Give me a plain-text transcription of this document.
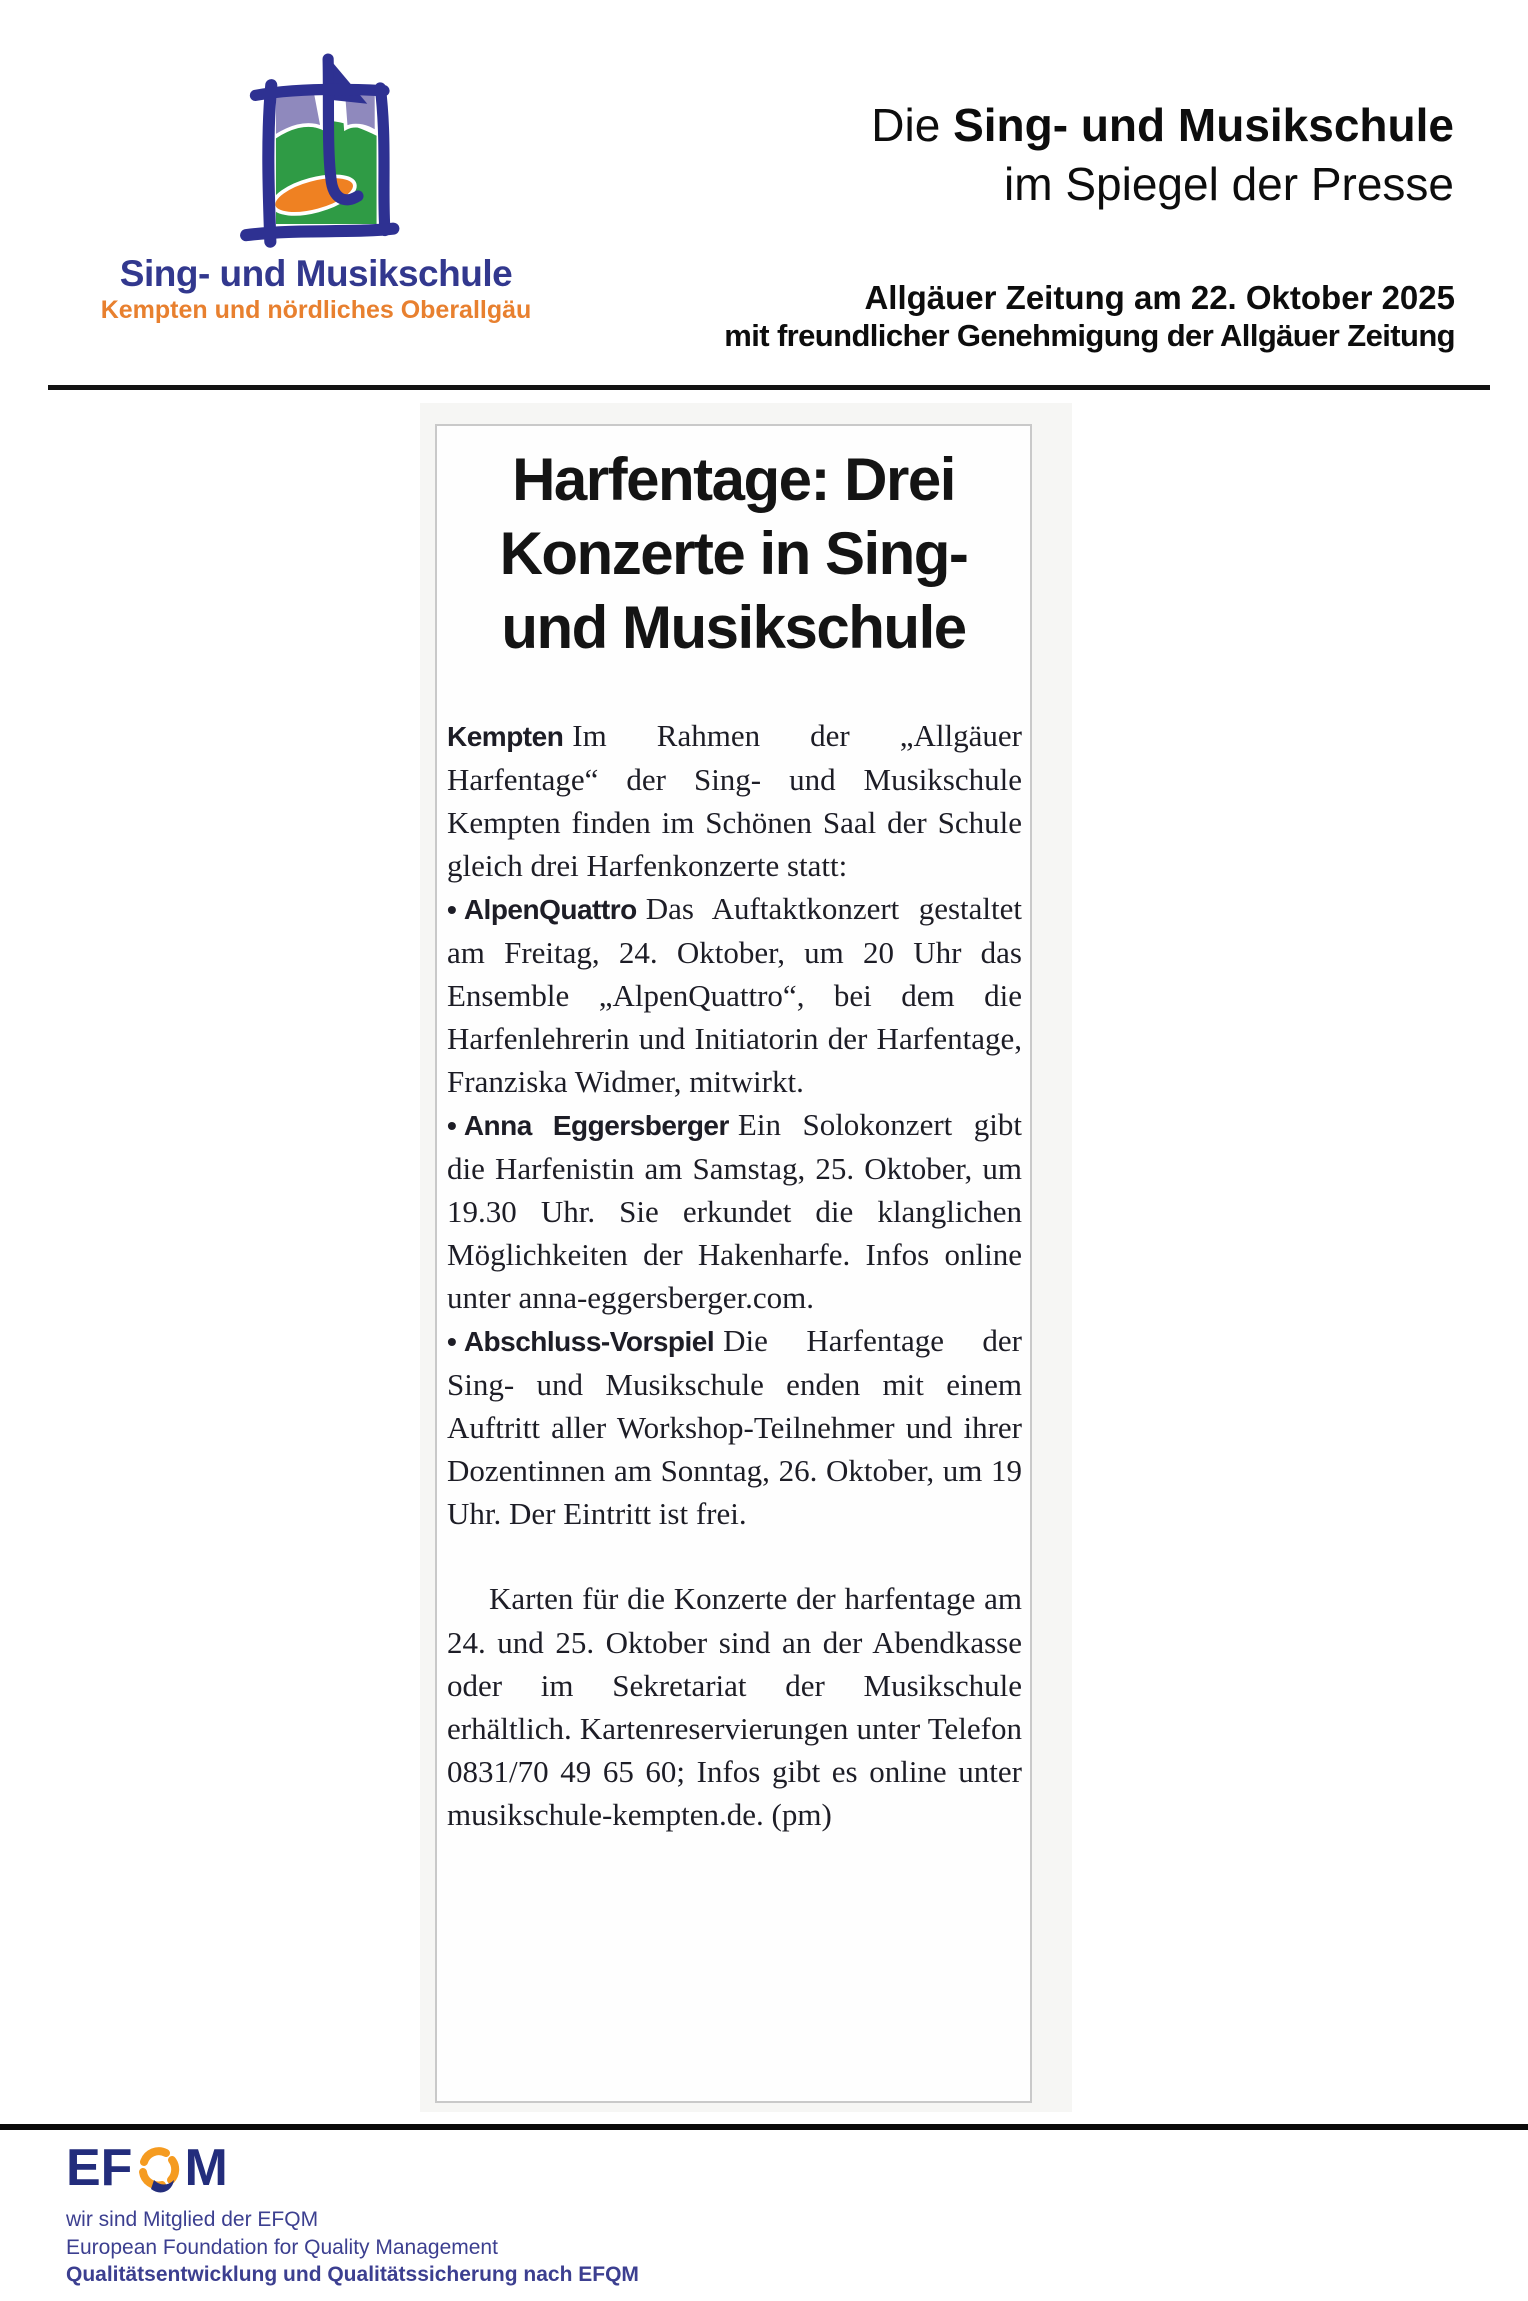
Sing- und Musikschule
Kempten und nördliches Oberallgäu
Die Sing- und Musikschule
im Spiegel der Presse
Allgäuer Zeitung am 22. Oktober 2025
mit freundlicher Genehmigung der Allgäuer Zeitung
Harfentage: Drei Konzerte in Sing- und Musikschule

Kempten Im Rahmen der „Allgäuer Harfentage“ der Sing- und Musikschule Kempten finden im Schönen Saal der Schule gleich drei Harfenkonzerte statt:

• AlpenQuattro Das Auftaktkonzert gestaltet am Freitag, 24. Oktober, um 20 Uhr das Ensemble „AlpenQuattro“, bei dem die Harfenlehrerin und Initiatorin der Harfentage, Franziska Widmer, mitwirkt.

• Anna Eggersberger Ein Solokonzert gibt die Harfenistin am Samstag, 25. Oktober, um 19.30 Uhr. Sie erkundet die klanglichen Möglichkeiten der Hakenharfe. Infos online unter anna-eggersberger.com.

• Abschluss-Vorspiel Die Harfentage der Sing- und Musikschule enden mit einem Auftritt aller Workshop-Teilnehmer und ihrer Dozentinnen am Sonntag, 26. Oktober, um 19 Uhr. Der Eintritt ist frei.

Karten für die Konzerte der harfentage am 24. und 25. Oktober sind an der Abendkasse oder im Sekretariat der Musikschule erhältlich. Kartenreservierungen unter Telefon 0831/70 49 65 60; Infos gibt es online unter musikschule-kempten.de. (pm)

EF M
wir sind Mitglied der EFQM
European Foundation for Quality Management
Qualitätsentwicklung und Qualitätssicherung nach EFQM
